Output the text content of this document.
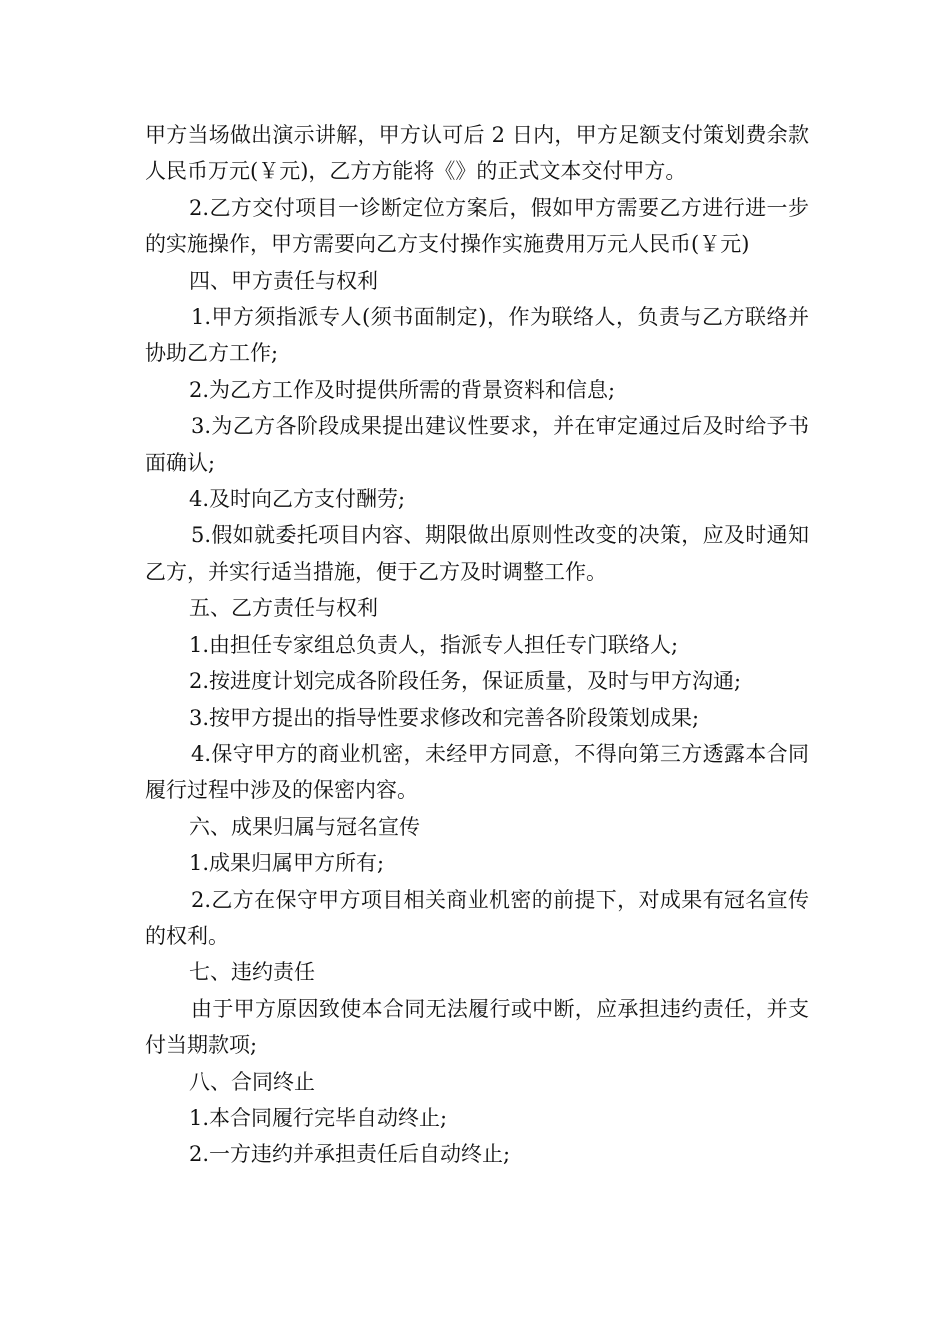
甲方当场做出演示讲解，甲方认可后 2 日内，甲方足额支付策划费余款人民币万元(￥元)，乙方方能将《》的正式文本交付甲方。

2.乙方交付项目一诊断定位方案后，假如甲方需要乙方进行进一步的实施操作，甲方需要向乙方支付操作实施费用万元人民币(￥元)

四、甲方责任与权利

1.甲方须指派专人(须书面制定)，作为联络人，负责与乙方联络并协助乙方工作;

2.为乙方工作及时提供所需的背景资料和信息;

3.为乙方各阶段成果提出建议性要求，并在审定通过后及时给予书面确认;

4.及时向乙方支付酬劳;

5.假如就委托项目内容、期限做出原则性改变的决策，应及时通知乙方，并实行适当措施，便于乙方及时调整工作。

五、乙方责任与权利

1.由担任专家组总负责人，指派专人担任专门联络人;

2.按进度计划完成各阶段任务，保证质量，及时与甲方沟通;

3.按甲方提出的指导性要求修改和完善各阶段策划成果;

4.保守甲方的商业机密，未经甲方同意，不得向第三方透露本合同履行过程中涉及的保密内容。

六、成果归属与冠名宣传

1.成果归属甲方所有;

2.乙方在保守甲方项目相关商业机密的前提下，对成果有冠名宣传的权利。

七、违约责任

由于甲方原因致使本合同无法履行或中断，应承担违约责任，并支付当期款项;

八、合同终止

1.本合同履行完毕自动终止;

2.一方违约并承担责任后自动终止;
